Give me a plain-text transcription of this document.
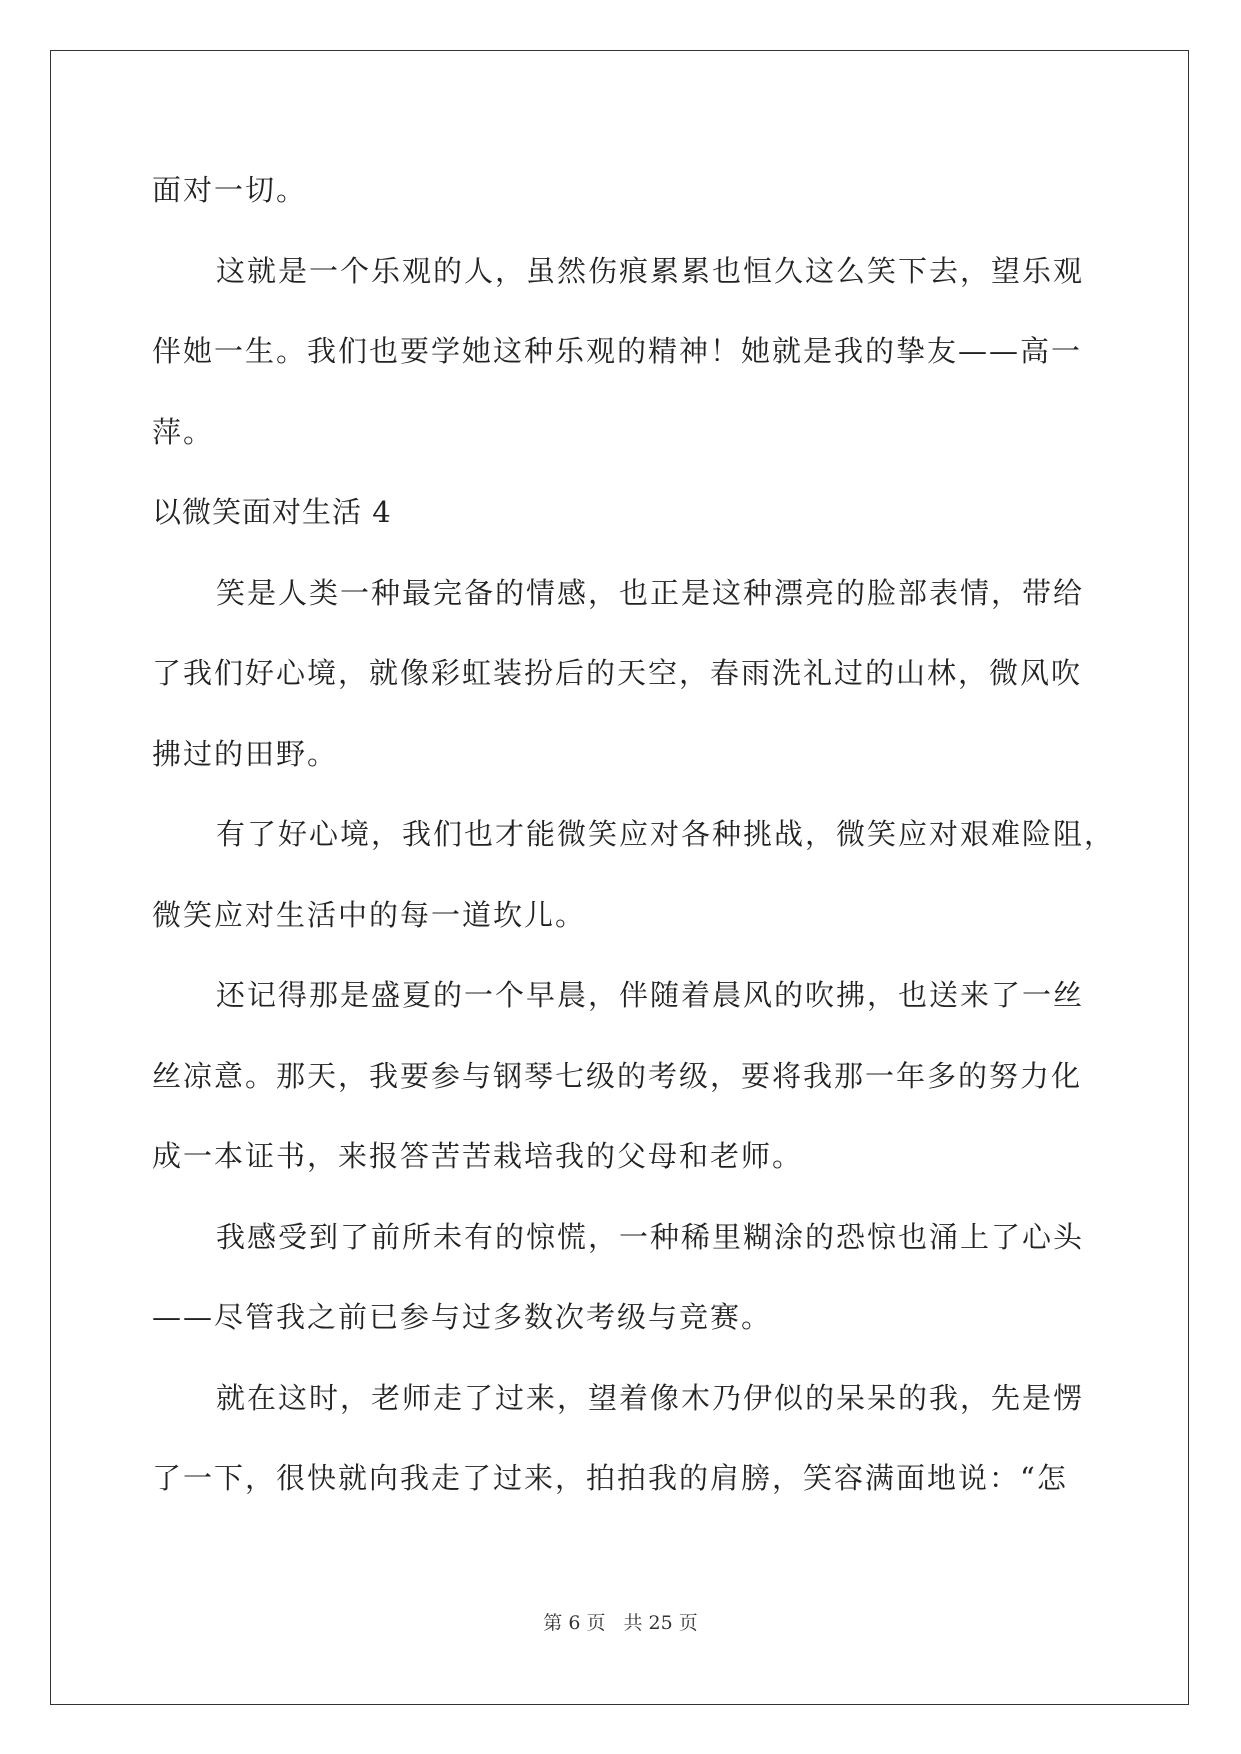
面对一切。
这就是一个乐观的人，虽然伤痕累累也恒久这么笑下去，望乐观
伴她一生。我们也要学她这种乐观的精神！她就是我的挚友——高一
萍。
以微笑面对生活 4
笑是人类一种最完备的情感，也正是这种漂亮的脸部表情，带给
了我们好心境，就像彩虹装扮后的天空，春雨洗礼过的山林，微风吹
拂过的田野。
有了好心境，我们也才能微笑应对各种挑战，微笑应对艰难险阻，
微笑应对生活中的每一道坎儿。
还记得那是盛夏的一个早晨，伴随着晨风的吹拂，也送来了一丝
丝凉意。那天，我要参与钢琴七级的考级，要将我那一年多的努力化
成一本证书，来报答苦苦栽培我的父母和老师。
我感受到了前所未有的惊慌，一种稀里糊涂的恐惊也涌上了心头
——尽管我之前已参与过多数次考级与竞赛。
就在这时，老师走了过来，望着像木乃伊似的呆呆的我，先是愣
了一下，很快就向我走了过来，拍拍我的肩膀，笑容满面地说：“怎
第 6 页 共 25 页
